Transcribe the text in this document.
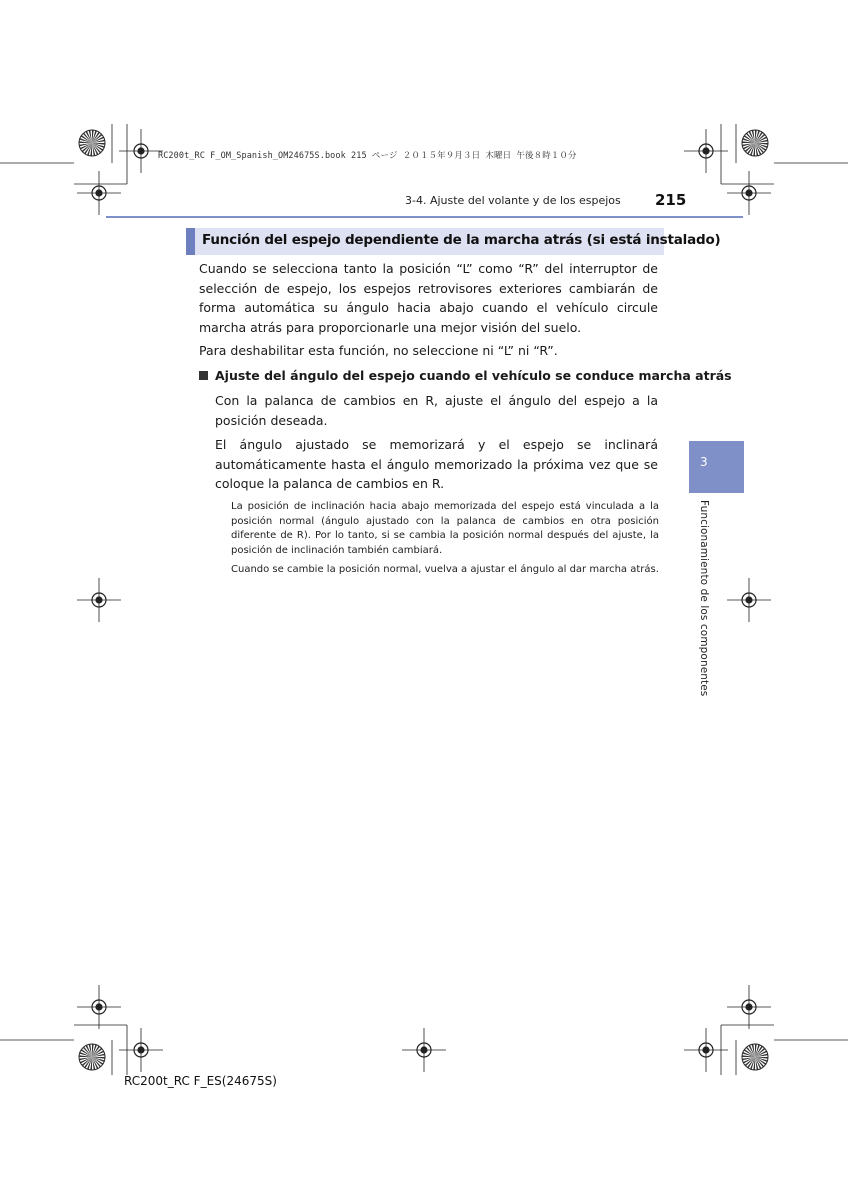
RC200t_RC F_OM_Spanish_OM24675S.book 215 ページ ２０１５年９月３日 木曜日 午後８時１０分
3-4. Ajuste del volante y de los espejos 215
Función del espejo dependiente de la marcha atrás (si está instalado)
Cuando se selecciona tanto la posición “L” como “R” del interruptor de selección de espejo, los espejos retrovisores exteriores cambiarán de forma automática su ángulo hacia abajo cuando el vehículo circule marcha atrás para proporcionarle una mejor visión del suelo.
Para deshabilitar esta función, no seleccione ni “L” ni “R”.
Ajuste del ángulo del espejo cuando el vehículo se conduce marcha atrás
Con la palanca de cambios en R, ajuste el ángulo del espejo a la posición deseada.
El ángulo ajustado se memorizará y el espejo se inclinará automáticamente hasta el ángulo memorizado la próxima vez que se coloque la palanca de cambios en R.
La posición de inclinación hacia abajo memorizada del espejo está vinculada a la posición normal (ángulo ajustado con la palanca de cambios en otra posición diferente de R). Por lo tanto, si se cambia la posición normal después del ajuste, la posición de inclinación también cambiará.
Cuando se cambie la posición normal, vuelva a ajustar el ángulo al dar marcha atrás.
3
Funcionamiento de los componentes
RC200t_RC F_ES(24675S)
